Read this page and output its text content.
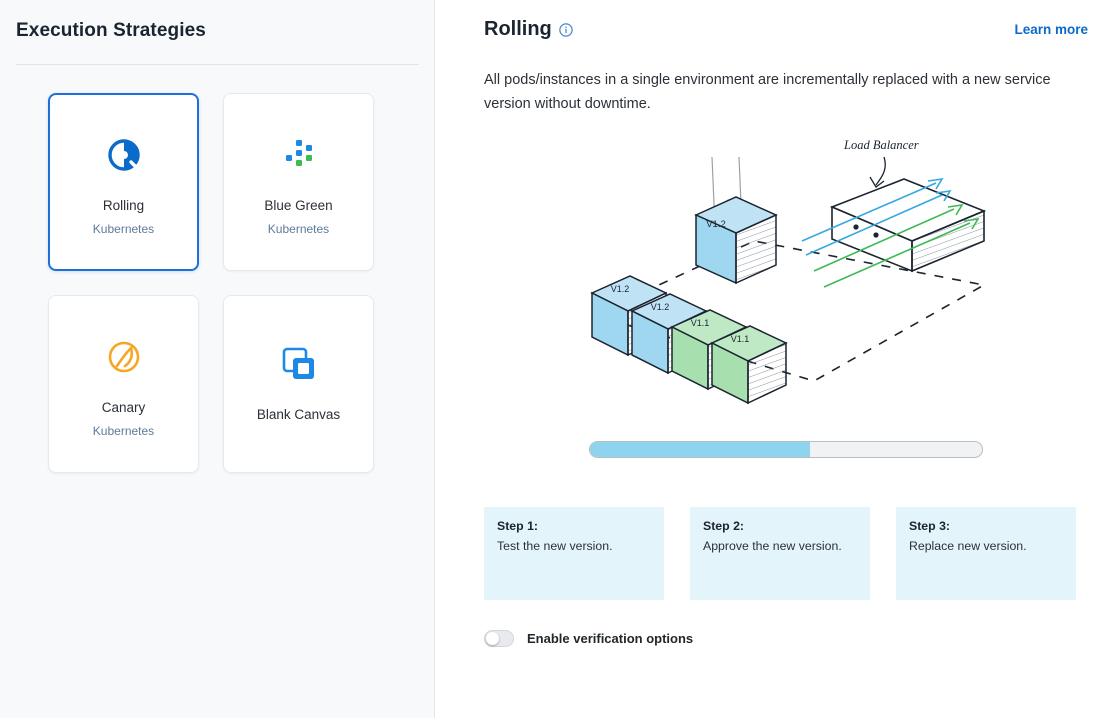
Execution Strategies
Rolling
Kubernetes
Blue Green
Kubernetes
Canary
Kubernetes
Blank Canvas
Rolling	Learn more
All pods/instances in a single environment are incrementally replaced with a new service version without downtime.
V1.2
V1.2
V1.2
V1.1
V1.1
Load Balancer
Step 1:
Test the new version.
Step 2:
Approve the new version.
Step 3:
Replace new version.
Enable verification options
